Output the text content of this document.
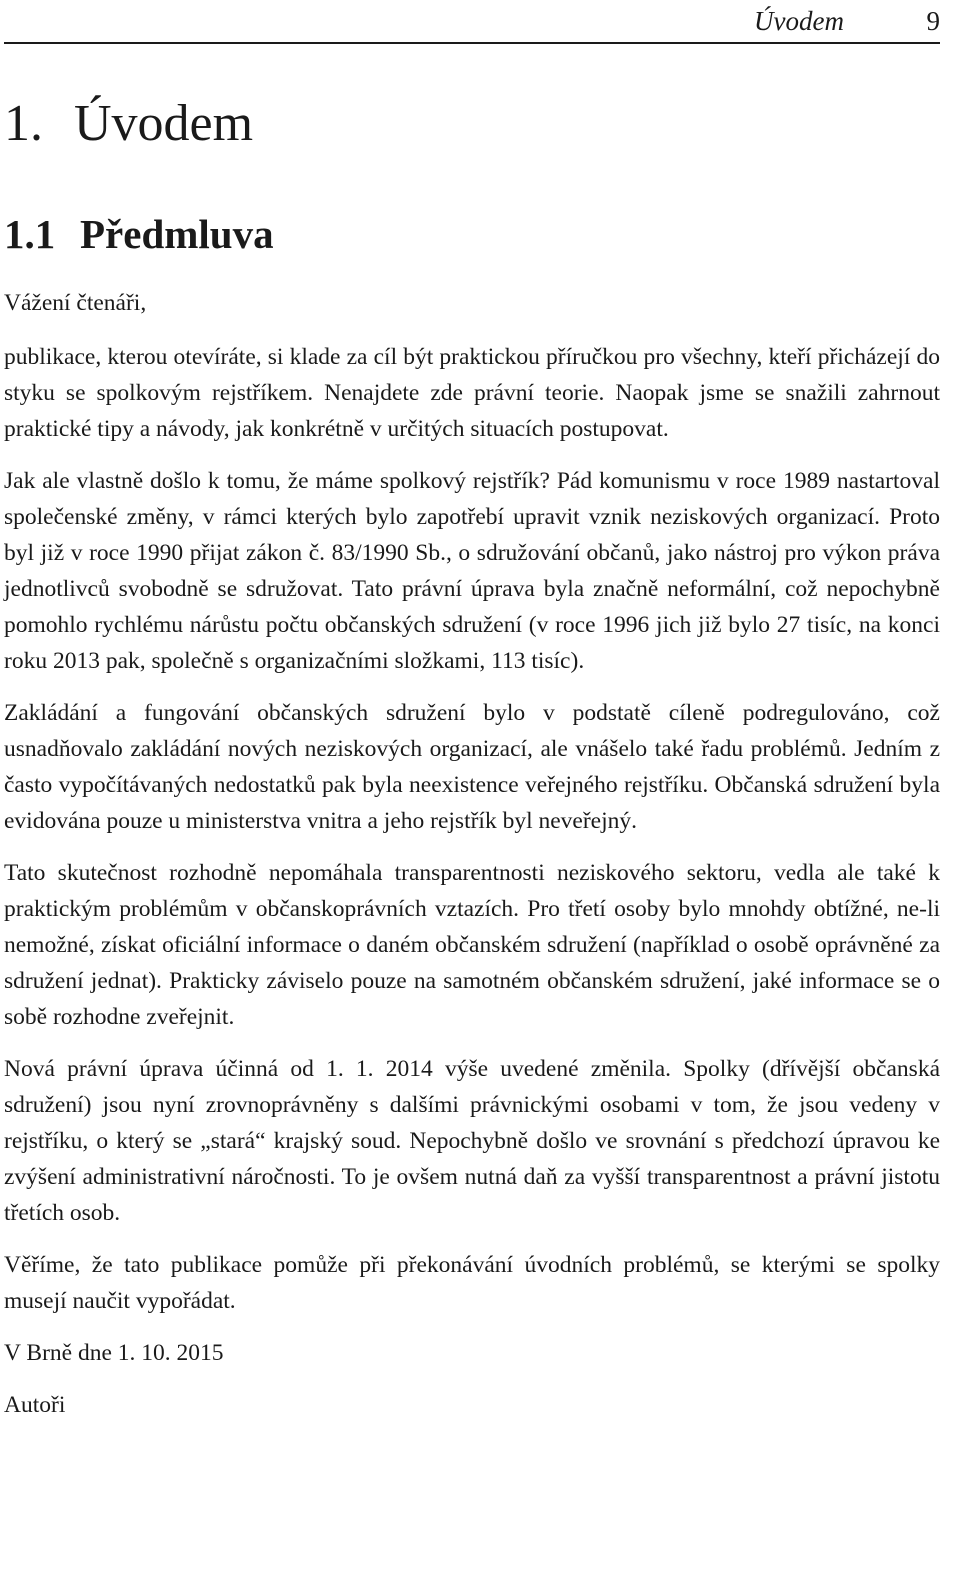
Úvodem	9
1. Úvodem
1.1 Předmluva

Vážení čtenáři,

publikace, kterou otevíráte, si klade za cíl být praktickou příručkou pro všechny, kteří přicházejí do styku se spolkovým rejstříkem. Nenajdete zde právní teorie. Naopak jsme se snažili zahrnout praktické tipy a návody, jak konkrétně v určitých situacích postupovat.

Jak ale vlastně došlo k tomu, že máme spolkový rejstřík? Pád komunismu v roce 1989 nastartoval společenské změny, v rámci kterých bylo zapotřebí upravit vznik neziskových organizací. Proto byl již v roce 1990 přijat zákon č. 83/1990 Sb., o sdružování občanů, jako nástroj pro výkon práva jednotlivců svobodně se sdružovat. Tato právní úprava byla značně neformální, což nepochybně pomohlo rychlému nárůstu počtu občanských sdružení (v roce 1996 jich již bylo 27 tisíc, na konci roku 2013 pak, společně s organizačními složkami, 113 tisíc).

Zakládání a fungování občanských sdružení bylo v podstatě cíleně podregulováno, což usnadňovalo zakládání nových neziskových organizací, ale vnášelo také řadu problémů. Jedním z často vypočítávaných nedostatků pak byla neexistence veřejného rejstříku. Občanská sdružení byla evidována pouze u ministerstva vnitra a jeho rejstřík byl neveřejný.

Tato skutečnost rozhodně nepomáhala transparentnosti neziskového sektoru, vedla ale také k praktickým problémům v občanskoprávních vztazích. Pro třetí osoby bylo mnohdy obtížné, ne-li nemožné, získat oficiální informace o daném občanském sdružení (například o osobě oprávněné za sdružení jednat). Prakticky záviselo pouze na samotném občanském sdružení, jaké informace se o sobě rozhodne zveřejnit.

Nová právní úprava účinná od 1. 1. 2014 výše uvedené změnila. Spolky (dřívější občanská sdružení) jsou nyní zrovnoprávněny s dalšími právnickými osobami v tom, že jsou vedeny v rejstříku, o který se „stará“ krajský soud. Nepochybně došlo ve srovnání s předchozí úpravou ke zvýšení administrativní náročnosti. To je ovšem nutná daň za vyšší transparentnost a právní jistotu třetích osob.

Věříme, že tato publikace pomůže při překonávání úvodních problémů, se kterými se spolky musejí naučit vypořádat.

V Brně dne 1. 10. 2015

Autoři
